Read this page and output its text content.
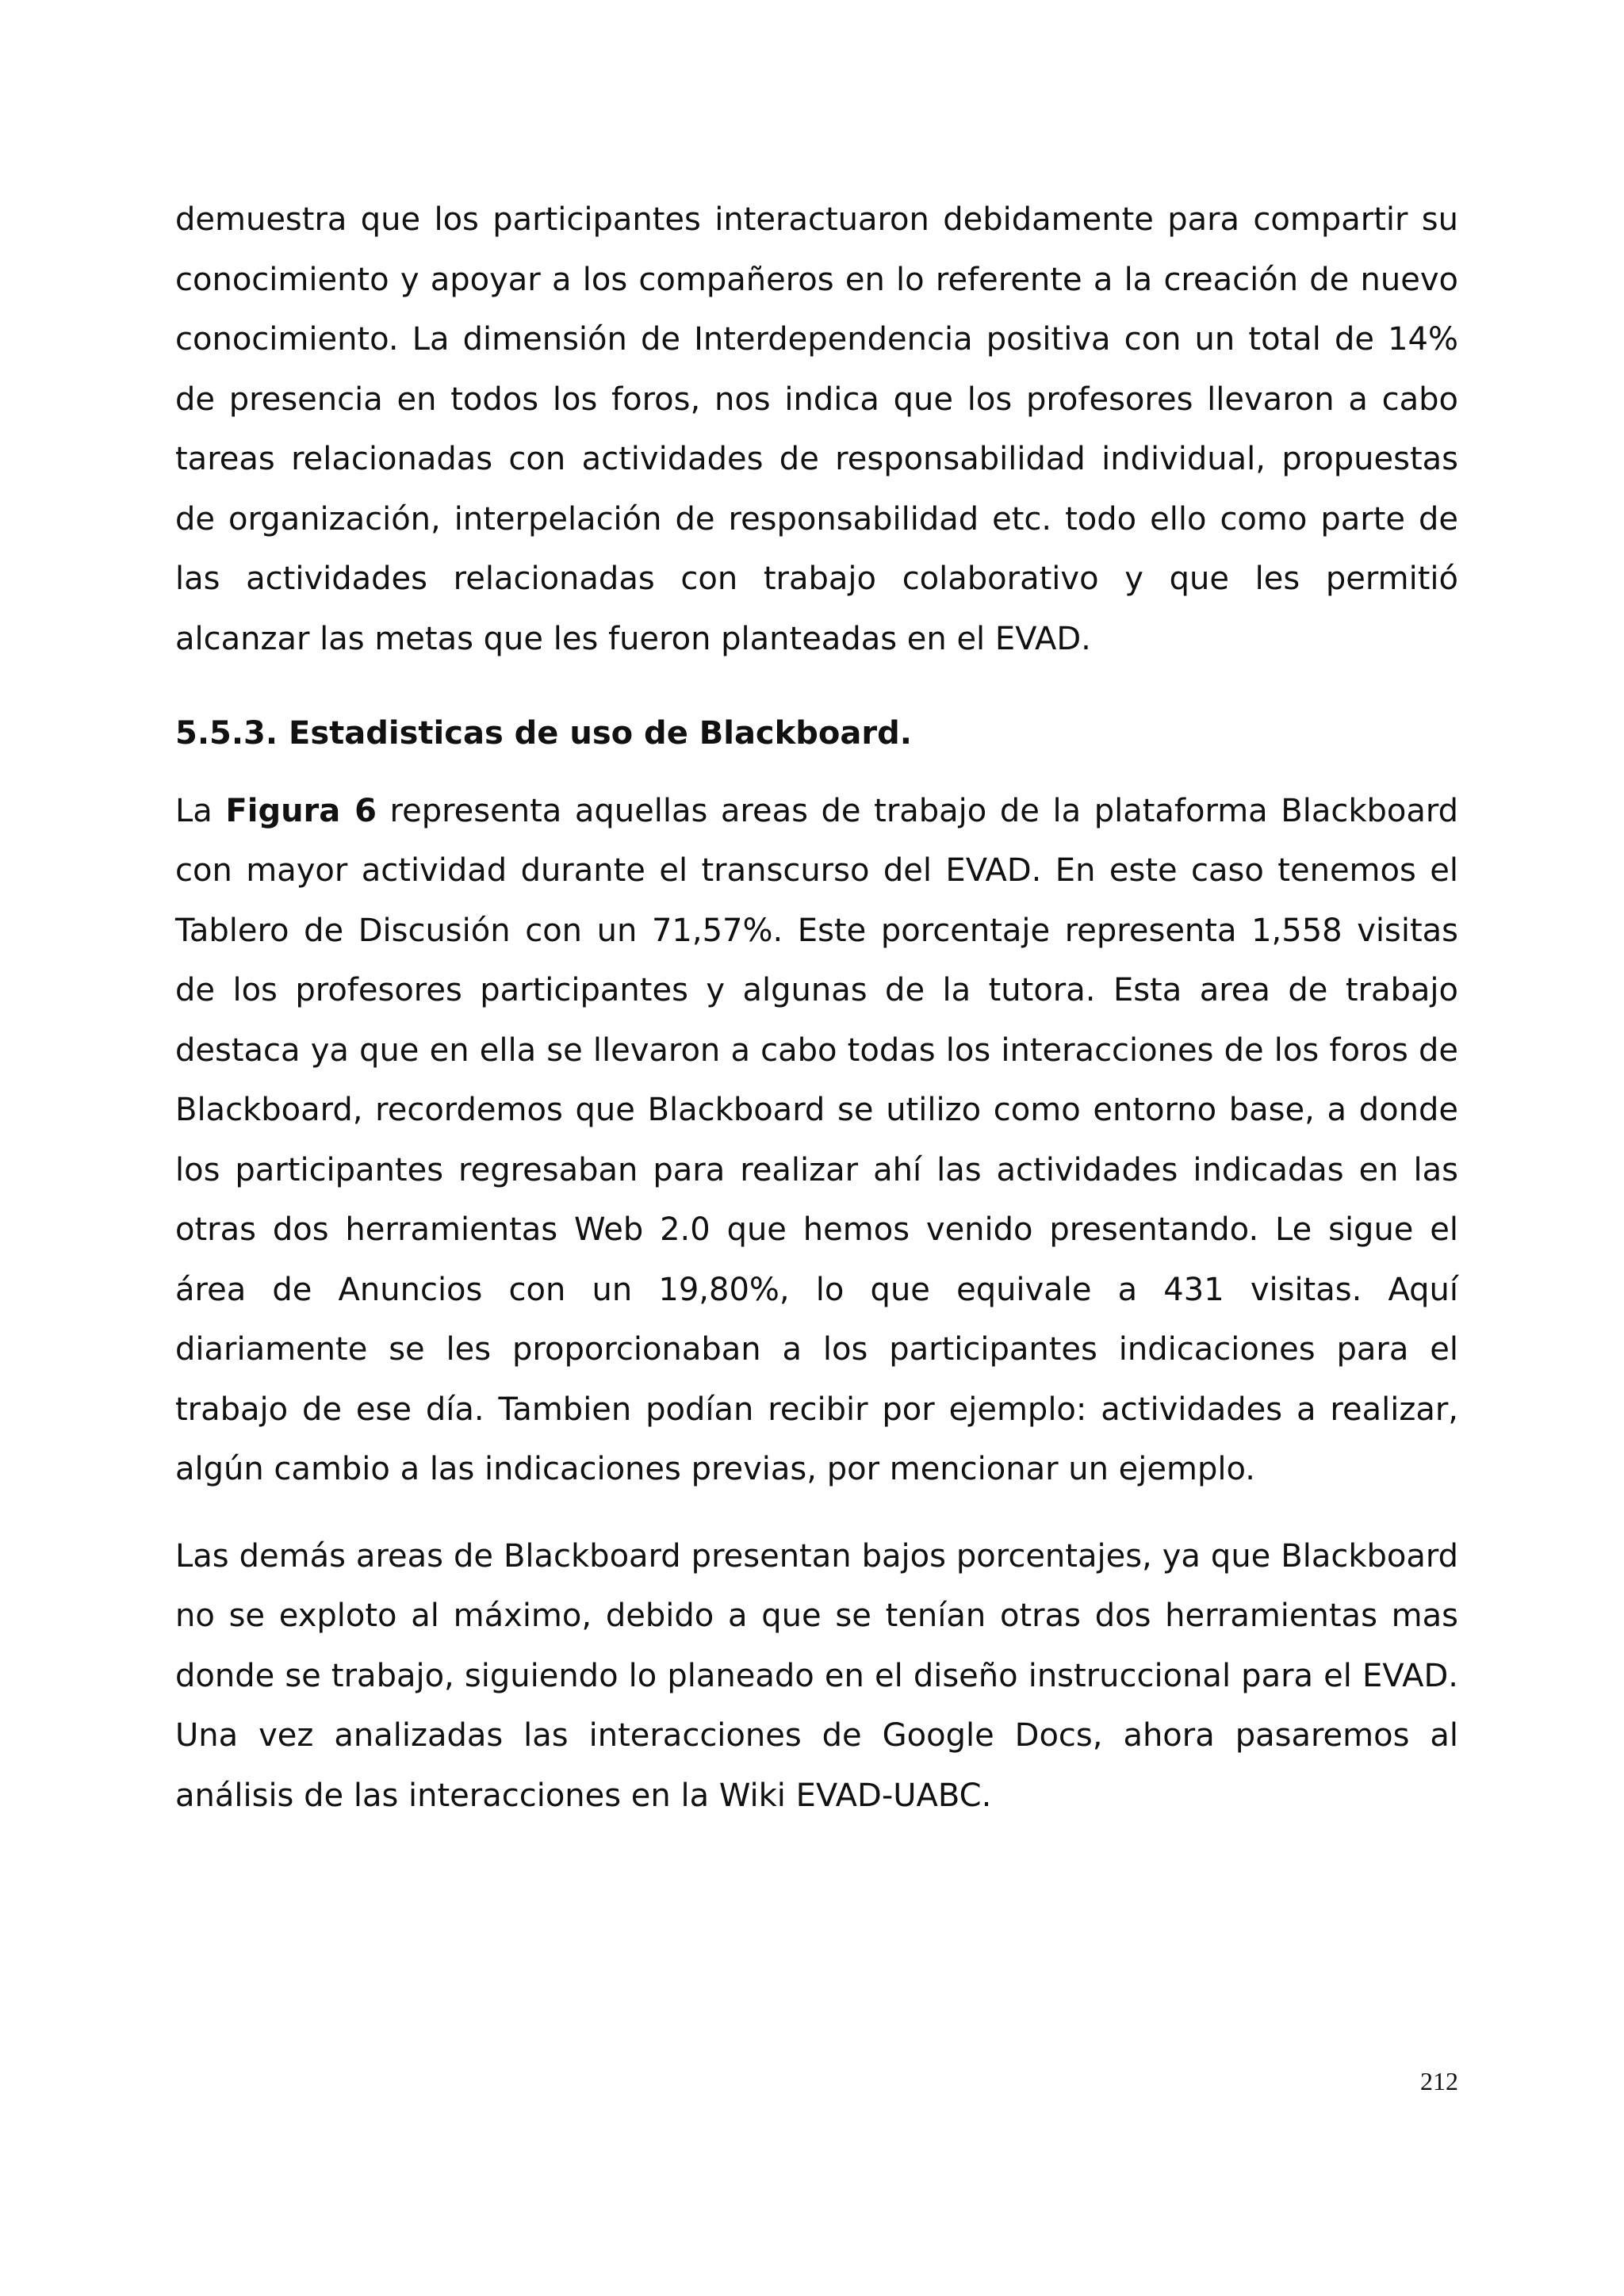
demuestra que los participantes interactuaron debidamente para compartir su conocimiento y apoyar a los compañeros en lo referente a la creación de nuevo conocimiento. La dimensión de Interdependencia positiva con un total de 14% de presencia en todos los foros, nos indica que los profesores llevaron a cabo tareas relacionadas con actividades de responsabilidad individual, propuestas de organización, interpelación de responsabilidad etc. todo ello como parte de las actividades relacionadas con trabajo colaborativo y que les permitió alcanzar las metas que les fueron planteadas en el EVAD.

5.5.3. Estadisticas de uso de Blackboard.

La Figura 6 representa aquellas areas de trabajo de la plataforma Blackboard con mayor actividad durante el transcurso del EVAD. En este caso tenemos el Tablero de Discusión con un 71,57%. Este porcentaje representa 1,558 visitas de los profesores participantes y algunas de la tutora. Esta area de trabajo destaca ya que en ella se llevaron a cabo todas los interacciones de los foros de Blackboard, recordemos que Blackboard se utilizo como entorno base, a donde los participantes regresaban para realizar ahí las actividades indicadas en las otras dos herramientas Web 2.0 que hemos venido presentando. Le sigue el área de Anuncios con un 19,80%, lo que equivale a 431 visitas. Aquí diariamente se les proporcionaban a los participantes indicaciones para el trabajo de ese día. Tambien podían recibir por ejemplo: actividades a realizar, algún cambio a las indicaciones previas, por mencionar un ejemplo.

Las demás areas de Blackboard presentan bajos porcentajes, ya que Blackboard no se exploto al máximo, debido a que se tenían otras dos herramientas mas donde se trabajo, siguiendo lo planeado en el diseño instruccional para el EVAD. Una vez analizadas las interacciones de Google Docs, ahora pasaremos al análisis de las interacciones en la Wiki EVAD-UABC.

212
